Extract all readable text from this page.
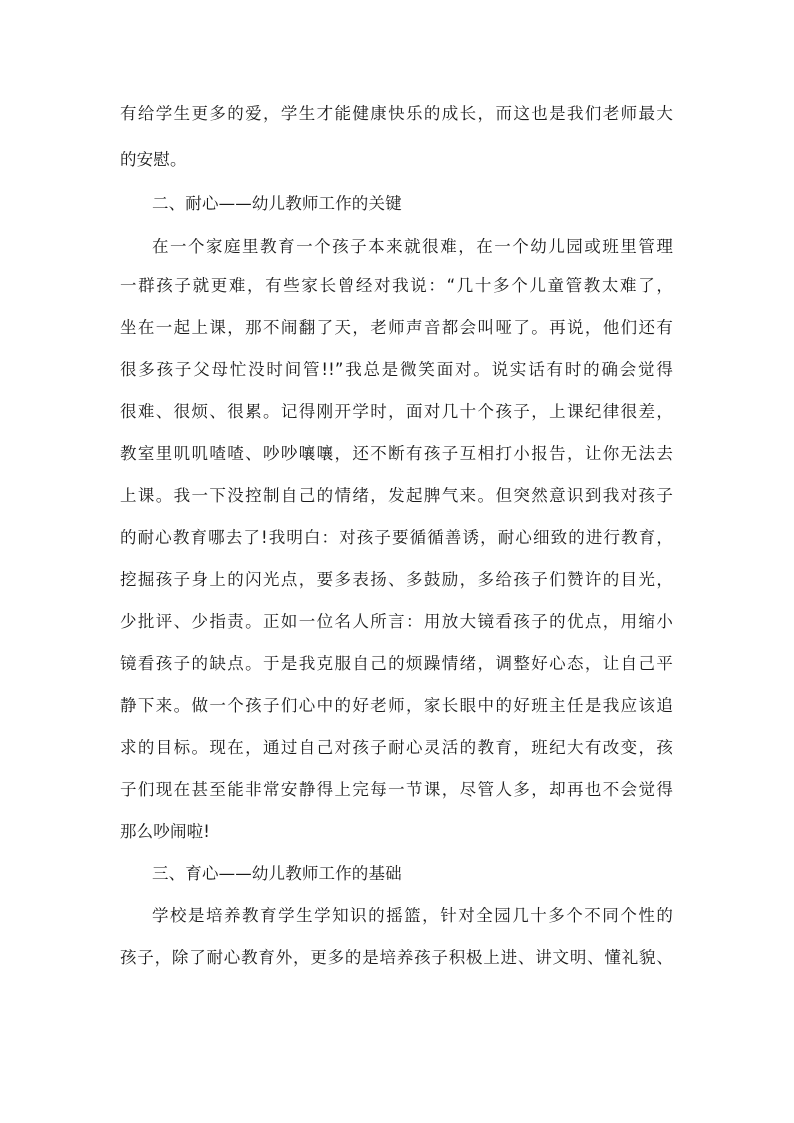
有给学生更多的爱，学生才能健康快乐的成长，而这也是我们老师最大
的安慰。
二、耐心——幼儿教师工作的关键
在一个家庭里教育一个孩子本来就很难，在一个幼儿园或班里管理
一群孩子就更难，有些家长曾经对我说：“几十多个儿童管教太难了，
坐在一起上课，那不闹翻了天，老师声音都会叫哑了。再说，他们还有
很多孩子父母忙没时间管!!”我总是微笑面对。说实话有时的确会觉得
很难、很烦、很累。记得刚开学时，面对几十个孩子，上课纪律很差，
教室里叽叽喳喳、吵吵嚷嚷，还不断有孩子互相打小报告，让你无法去
上课。我一下没控制自己的情绪，发起脾气来。但突然意识到我对孩子
的耐心教育哪去了!我明白：对孩子要循循善诱，耐心细致的进行教育，
挖掘孩子身上的闪光点，要多表扬、多鼓励，多给孩子们赞许的目光，
少批评、少指责。正如一位名人所言：用放大镜看孩子的优点，用缩小
镜看孩子的缺点。于是我克服自己的烦躁情绪，调整好心态，让自己平
静下来。做一个孩子们心中的好老师，家长眼中的好班主任是我应该追
求的目标。现在，通过自己对孩子耐心灵活的教育，班纪大有改变，孩
子们现在甚至能非常安静得上完每一节课，尽管人多，却再也不会觉得
那么吵闹啦!
三、育心——幼儿教师工作的基础
学校是培养教育学生学知识的摇篮，针对全园几十多个不同个性的
孩子，除了耐心教育外，更多的是培养孩子积极上进、讲文明、懂礼貌、
